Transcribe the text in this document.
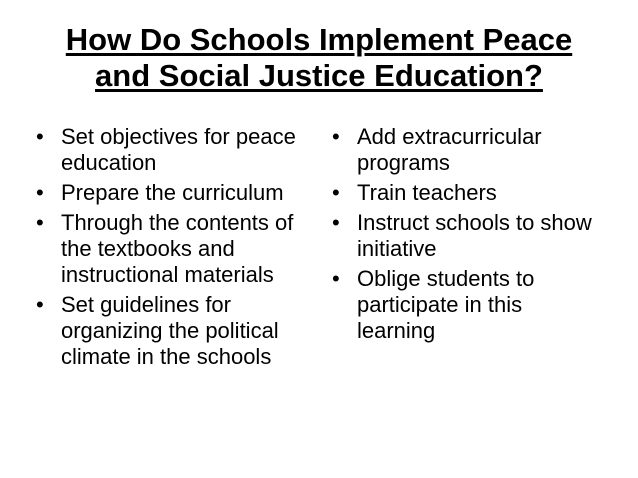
How Do Schools Implement Peace
and Social Justice Education?
• Set objectives for peace education
• Prepare the curriculum
• Through the contents of the textbooks and instructional materials
• Set guidelines for organizing the political climate in the schools
• Add extracurricular programs
• Train teachers
• Instruct schools to show initiative
• Oblige students to participate in this learning
